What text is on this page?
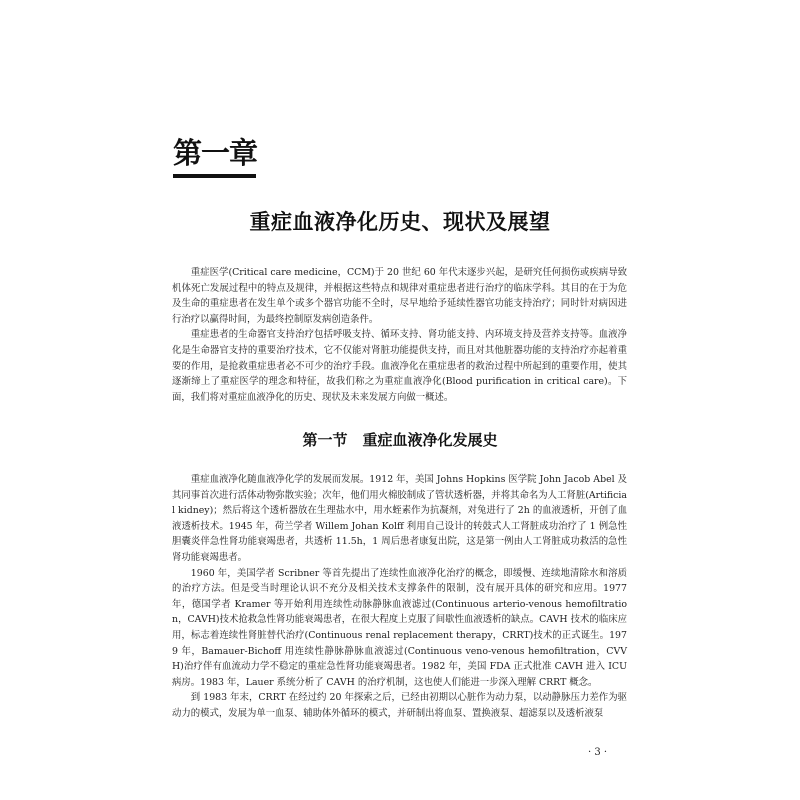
第一章
重症血液净化历史、现状及展望

重症医学(Critical care medicine，CCM)于 20 世纪 60 年代末逐步兴起，是研究任何损伤或疾病导致机体死亡发展过程中的特点及规律，并根据这些特点和规律对重症患者进行治疗的临床学科。其目的在于为危及生命的重症患者在发生单个或多个器官功能不全时，尽早地给予延续性器官功能支持治疗；同时针对病因进行治疗以赢得时间，为最终控制原发病创造条件。

重症患者的生命器官支持治疗包括呼吸支持、循环支持、肾功能支持、内环境支持及营养支持等。血液净化是生命器官支持的重要治疗技术，它不仅能对肾脏功能提供支持，而且对其他脏器功能的支持治疗亦起着重要的作用，是抢救重症患者必不可少的治疗手段。血液净化在重症患者的救治过程中所起到的重要作用，使其逐渐缔上了重症医学的理念和特征，故我们称之为重症血液净化(Blood purification in critical care)。下面，我们将对重症血液净化的历史、现状及未来发展方向做一概述。

第一节　重症血液净化发展史

重症血液净化随血液净化学的发展而发展。1912 年，美国 Johns Hopkins 医学院 John Jacob Abel 及其同事首次进行活体动物弥散实验；次年，他们用火棉胶制成了管状透析器，并将其命名为人工肾脏(Artificial kidney)；然后将这个透析器放在生理盐水中，用水蛭素作为抗凝剂，对兔进行了 2h 的血液透析，开创了血液透析技术。1945 年，荷兰学者 Willem Johan Kolff 利用自己设计的转鼓式人工肾脏成功治疗了 1 例急性胆囊炎伴急性肾功能衰竭患者，共透析 11.5h，1 周后患者康复出院，这是第一例由人工肾脏成功救活的急性肾功能衰竭患者。

1960 年，美国学者 Scribner 等首先提出了连续性血液净化治疗的概念，即缓慢、连续地清除水和溶质的治疗方法。但是受当时理论认识不充分及相关技术支撑条件的限制，没有展开具体的研究和应用。1977 年，德国学者 Kramer 等开始利用连续性动脉静脉血液滤过(Continuous arterio-venous hemofiltration，CAVH)技术抢救急性肾功能衰竭患者，在很大程度上克服了间歇性血液透析的缺点。CAVH 技术的临床应用，标志着连续性肾脏替代治疗(Continuous renal replacement therapy，CRRT)技术的正式诞生。1979 年，Bamauer-Bichoff 用连续性静脉静脉血液滤过(Continuous veno-venous hemofiltration，CVVH)治疗伴有血流动力学不稳定的重症急性肾功能衰竭患者。1982 年，美国 FDA 正式批准 CAVH 进入 ICU 病房。1983 年，Lauer 系统分析了 CAVH 的治疗机制，这也使人们能进一步深入理解 CRRT 概念。

到 1983 年末，CRRT 在经过约 20 年探索之后，已经由初期以心脏作为动力泵，以动静脉压力差作为驱动力的模式，发展为单一血泵、辅助体外循环的模式，并研制出将血泵、置换液泵、超滤泵以及透析液泵

· 3 ·
